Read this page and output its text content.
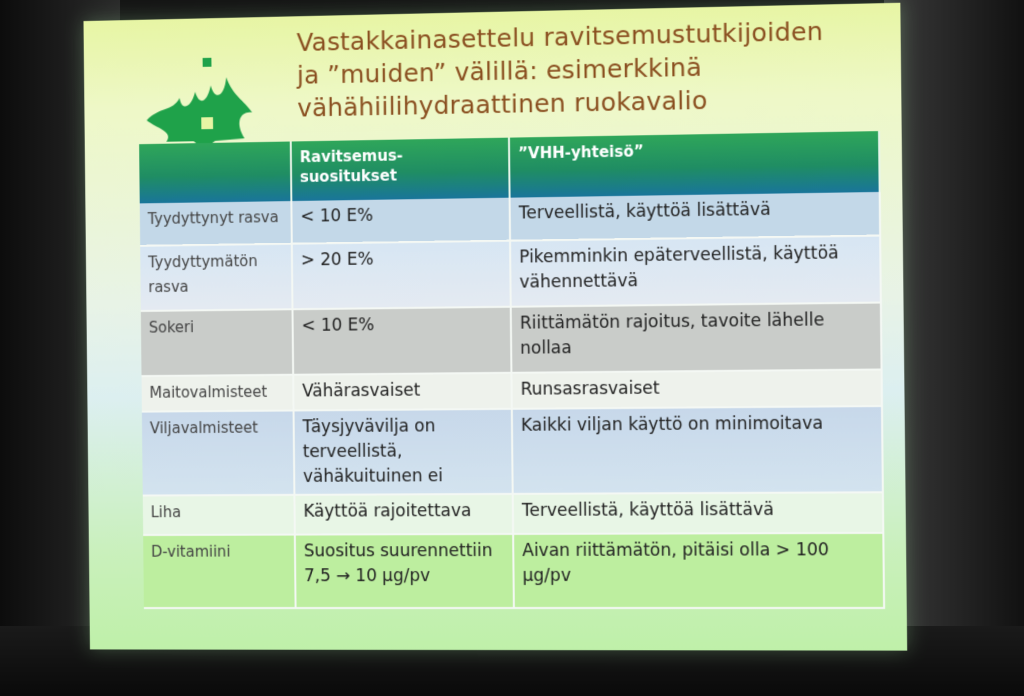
Vastakkainasettelu ravitsemustutkijoiden
ja ”muiden” välillä: esimerkkinä
vähähiilihydraattinen ruokavalio
	Ravitsemus- suositukset	”VHH-yhteisö”
Tyydyttynyt rasva	< 10 E%	Terveellistä, käyttöä lisättävä
Tyydyttymätön rasva	> 20 E%	Pikemminkin epäterveellistä, käyttöä vähennettävä
Sokeri	< 10 E%	Riittämätön rajoitus, tavoite lähelle nollaa
Maitovalmisteet	Vähärasvaiset	Runsasrasvaiset
Viljavalmisteet	Täysjyvävilja on terveellistä, vähäkuituinen ei	Kaikki viljan käyttö on minimoitava
Liha	Käyttöä rajoitettava	Terveellistä, käyttöä lisättävä
D-vitamiini	Suositus suurennettiin 7,5 → 10 μg/pv	Aivan riittämätön, pitäisi olla > 100 μg/pv
